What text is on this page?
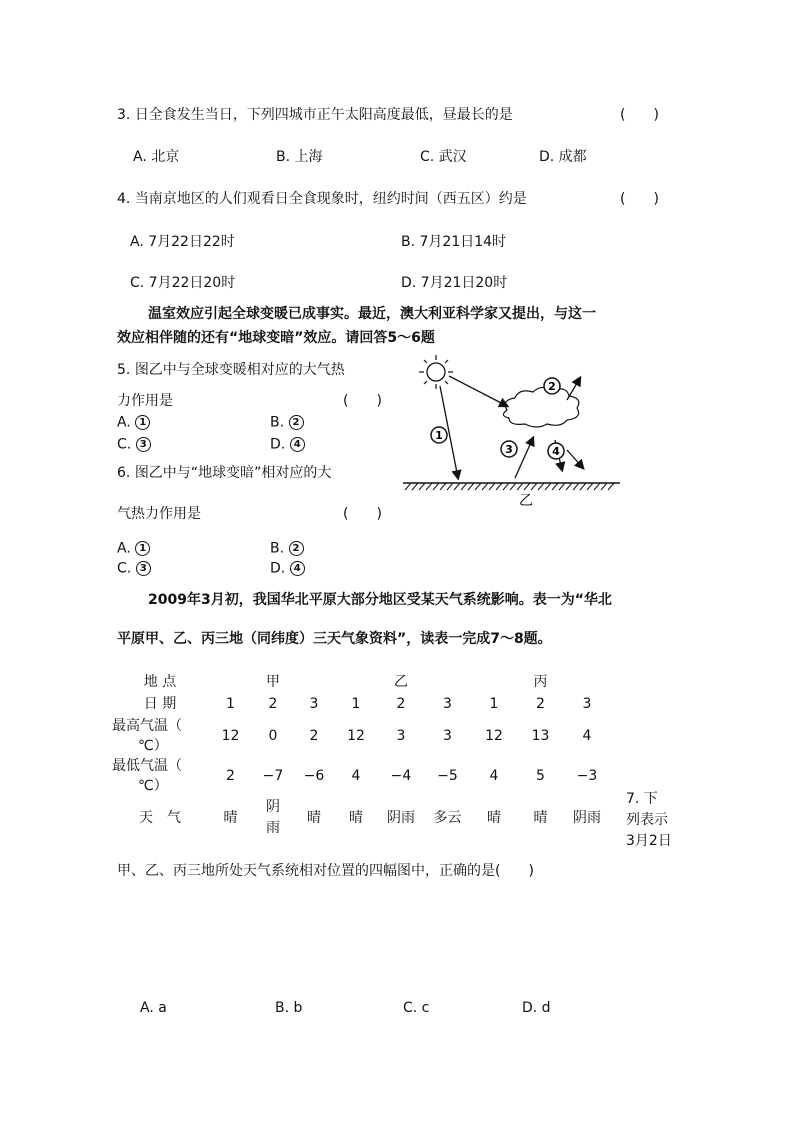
3. 日全食发生当日，下列四城市正午太阳高度最低，昼最长的是	(　　)
A. 北京	B. 上海	C. 武汉	D. 成都
4. 当南京地区的人们观看日全食现象时，纽约时间（西五区）约是	(　　)
A. 7月22日22时	B. 7月21日14时
C. 7月22日20时	D. 7月21日20时
温室效应引起全球变暖已成事实。最近，澳大利亚科学家又提出，与这一
效应相伴随的还有“地球变暗”效应。请回答5～6题
5. 图乙中与全球变暖相对应的大气热
力作用是	(　　)
A. 1	B. 2
C. 3	D. 4
6. 图乙中与“地球变暗”相对应的大
气热力作用是	(　　)
A. 1	B. 2
C. 3	D. 4
1
2
3	4
乙
2009年3月初，我国华北平原大部分地区受某天气系统影响。表一为“华北
平原甲、乙、丙三地（同纬度）三天气象资料”，读表一完成7～8题。
地 点		甲			乙			丙	
日 期	1	2	3	1	2	3	1	2	3
最高气温（
℃）	12	0	2	12	3	3	12	13	4
最低气温（
℃）	2	−7	−6	4	−4	−5	4	5	−3
天　气	晴	阴雨	晴	晴	阴雨	多云	晴	晴	阴雨
7. 下
列表示
3月2日
甲、乙、丙三地所处天气系统相对位置的四幅图中，正确的是(　　)
A. a	B. b	C. c	D. d
